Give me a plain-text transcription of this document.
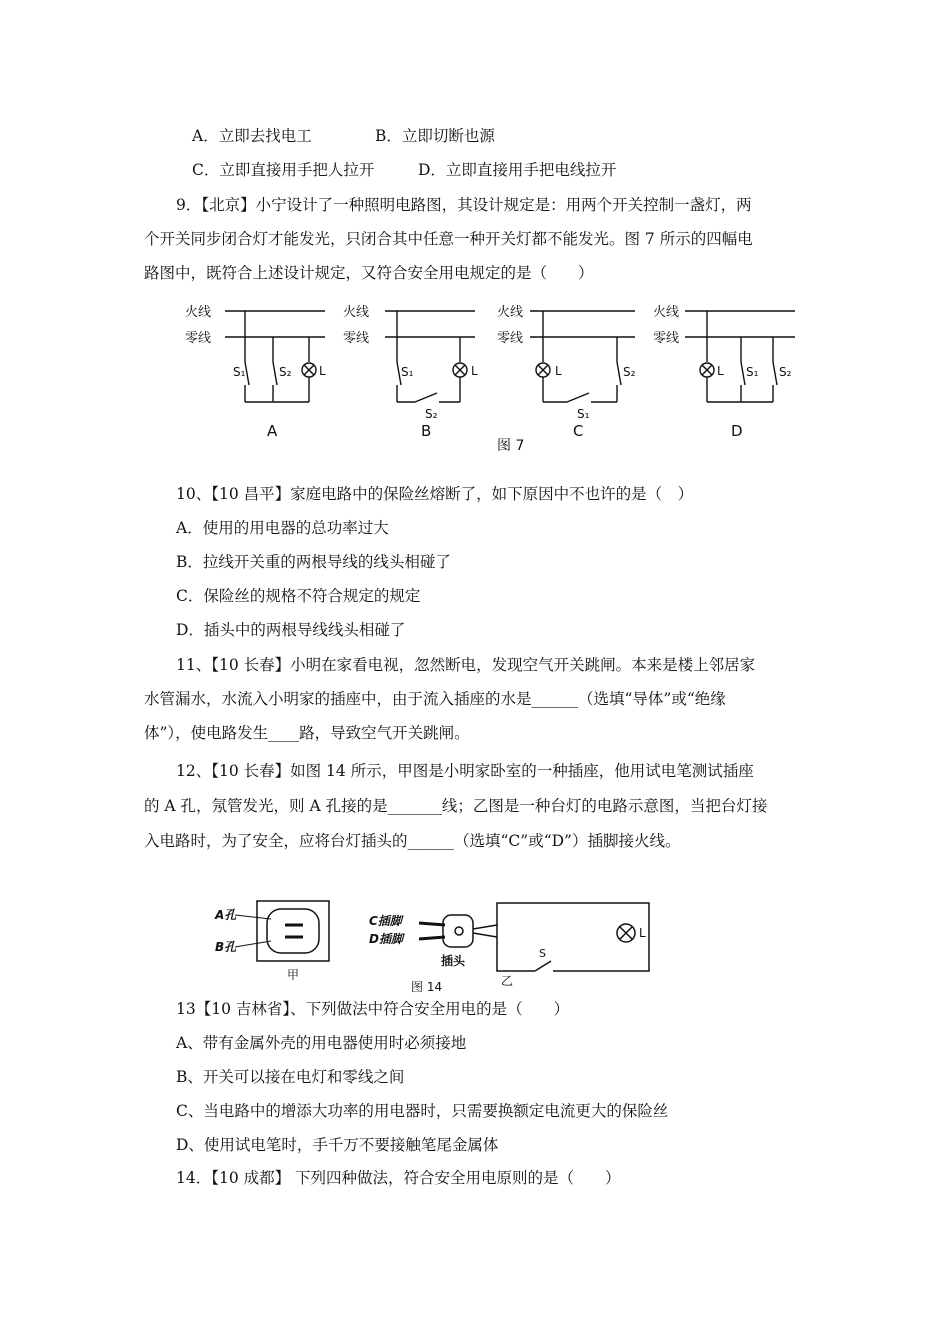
A．立即去找电工	B．立即切断也源
C．立即直接用手把人拉开	D．立即直接用手把电线拉开
9．【北京】小宁设计了一种照明电路图，其设计规定是：用两个开关控制一盏灯，两
个开关同步闭合灯才能发光，只闭合其中任意一种开关灯都不能发光。图 7 所示的四幅电
路图中，既符合上述设计规定，又符合安全用电规定的是（　　）
火线
零线
S₁	S₂ L
A
火线
零线
S₁	L
S₂
B
火线
零线
L	S₂
S₁
C
图 7
火线
零线
L S₁ S₂
D
10、【10 昌平】家庭电路中的保险丝熔断了，如下原因中不也许的是（　）
A．使用的用电器的总功率过大
B．拉线开关重的两根导线的线头相碰了
C．保险丝的规格不符合规定的规定
D．插头中的两根导线线头相碰了
11、【10 长春】小明在家看电视，忽然断电，发现空气开关跳闸。本来是楼上邻居家
水管漏水，水流入小明家的插座中，由于流入插座的水是______（选填“导体”或“绝缘
体”），使电路发生____路，导致空气开关跳闸。
12、【10 长春】如图 14 所示，甲图是小明家卧室的一种插座，他用试电笔测试插座
的 A 孔，氖管发光，则 A 孔接的是_______线；乙图是一种台灯的电路示意图，当把台灯接
入电路时，为了安全，应将台灯插头的______（选填“C”或“D”）插脚接火线。
A孔
B孔
甲
C插脚
D插脚
插头
乙
S
L
图 14
13【10 吉林省】、下列做法中符合安全用电的是（　　）
A、带有金属外壳的用电器使用时必须接地
B、开关可以接在电灯和零线之间
C、当电路中的增添大功率的用电器时，只需要换额定电流更大的保险丝
D、使用试电笔时，手千万不要接触笔尾金属体
14．【10 成都】 下列四种做法，符合安全用电原则的是（　　）
